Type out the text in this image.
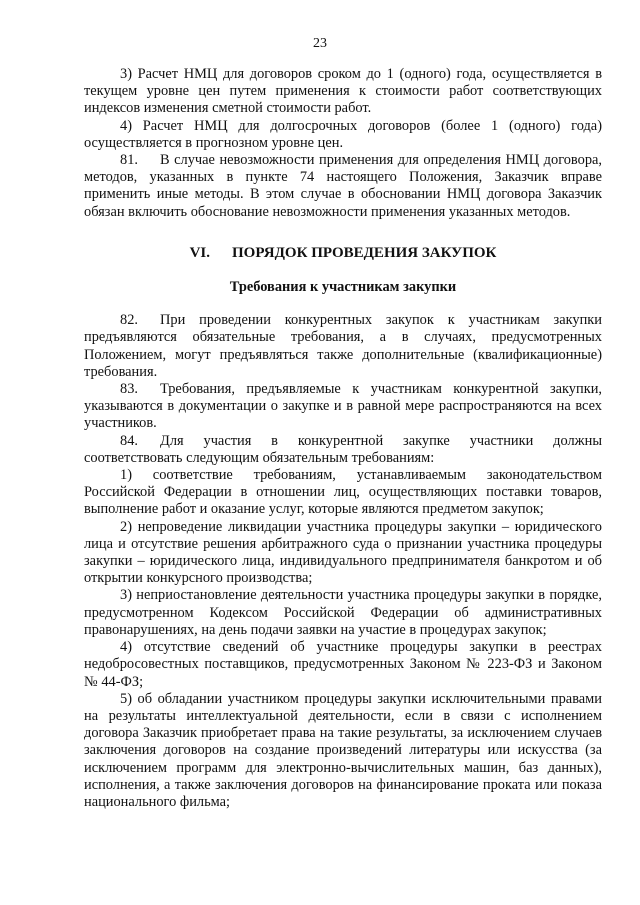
23

3) Расчет НМЦ для договоров сроком до 1 (одного) года, осуществляется в текущем уровне цен путем применения к стоимости работ соответствующих индексов изменения сметной стоимости работ.

4) Расчет НМЦ для долгосрочных договоров (более 1 (одного) года) осуществляется в прогнозном уровне цен.

81. В случае невозможности применения для определения НМЦ договора, методов, указанных в пункте 74 настоящего Положения, Заказчик вправе применить иные методы. В этом случае в обосновании НМЦ договора Заказчик обязан включить обоснование невозможности применения указанных методов.

VI. ПОРЯДОК ПРОВЕДЕНИЯ ЗАКУПОК

Требования к участникам закупки

82. При проведении конкурентных закупок к участникам закупки предъявляются обязательные требования, а в случаях, предусмотренных Положением, могут предъявляться также дополнительные (квалификационные) требования.

83. Требования, предъявляемые к участникам конкурентной закупки, указываются в документации о закупке и в равной мере распространяются на всех участников.

84. Для участия в конкурентной закупке участники должны соответствовать следующим обязательным требованиям:

1) соответствие требованиям, устанавливаемым законодательством Российской Федерации в отношении лиц, осуществляющих поставки товаров, выполнение работ и оказание услуг, которые являются предметом закупок;

2) непроведение ликвидации участника процедуры закупки – юридического лица и отсутствие решения арбитражного суда о признании участника процедуры закупки – юридического лица, индивидуального предпринимателя банкротом и об открытии конкурсного производства;

3) неприостановление деятельности участника процедуры закупки в порядке, предусмотренном Кодексом Российской Федерации об административных правонарушениях, на день подачи заявки на участие в процедурах закупок;

4) отсутствие сведений об участнике процедуры закупки в реестрах недобросовестных поставщиков, предусмотренных Законом № 223-ФЗ и Законом № 44-ФЗ;

5) об обладании участником процедуры закупки исключительными правами на результаты интеллектуальной деятельности, если в связи с исполнением договора Заказчик приобретает права на такие результаты, за исключением случаев заключения договоров на создание произведений литературы или искусства (за исключением программ для электронно-вычислительных машин, баз данных), исполнения, а также заключения договоров на финансирование проката или показа национального фильма;
